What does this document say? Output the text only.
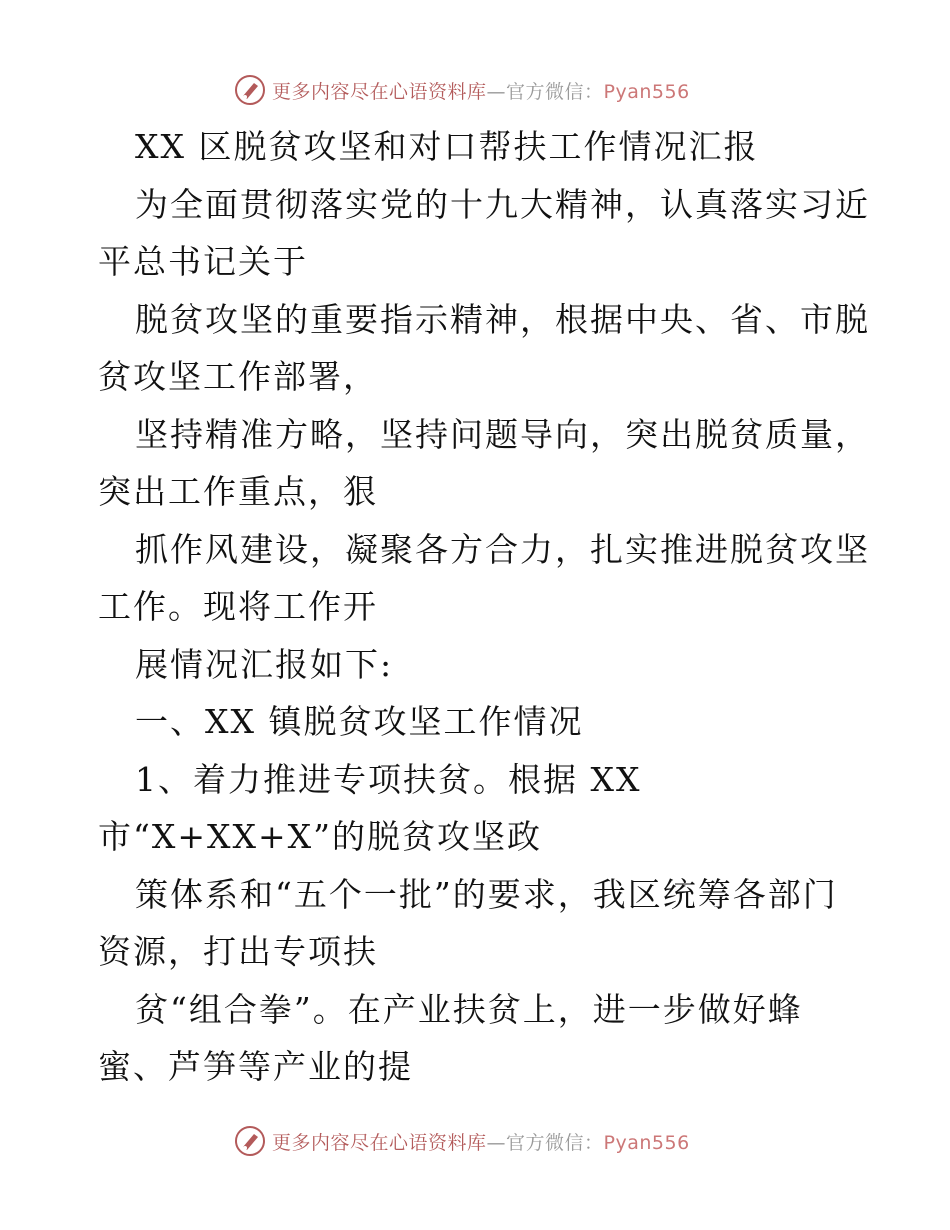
更多内容尽在心语资料库—官方微信：Pyan556
XX 区脱贫攻坚和对口帮扶工作情况汇报
为全面贯彻落实党的十九大精神，认真落实习近
平总书记关于
脱贫攻坚的重要指示精神，根据中央、省、市脱
贫攻坚工作部署，
坚持精准方略，坚持问题导向，突出脱贫质量，
突出工作重点，狠
抓作风建设，凝聚各方合力，扎实推进脱贫攻坚
工作。现将工作开
展情况汇报如下:
一、XX 镇脱贫攻坚工作情况
1、着力推进专项扶贫。根据 XX
市“X+XX+X”的脱贫攻坚政
策体系和“五个一批”的要求，我区统筹各部门
资源，打出专项扶
贫“组合拳”。在产业扶贫上，进一步做好蜂
蜜、芦笋等产业的提
更多内容尽在心语资料库—官方微信：Pyan556
